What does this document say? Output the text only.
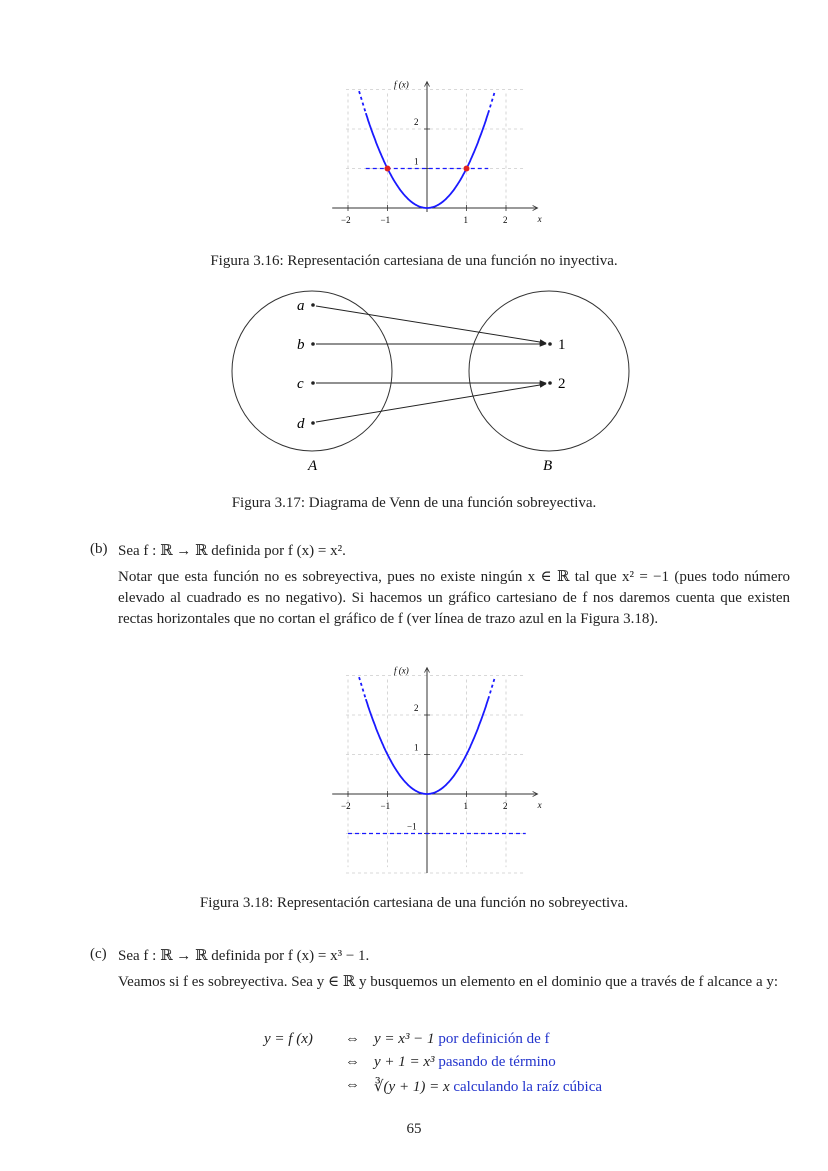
x
f (x)
−2	−1	1	2
1
2
Figura 3.16: Representación cartesiana de una función no inyectiva.
a
b
c
d
1
2
A	B
Figura 3.17: Diagrama de Venn de una función sobreyectiva.
(b) Sea f : ℝ → ℝ definida por f (x) = x².
Notar que esta función no es sobreyectiva, pues no existe ningún x ∈ ℝ tal que x² = −1 (pues todo número elevado al cuadrado es no negativo). Si hacemos un gráfico cartesiano de f nos daremos cuenta que existen rectas horizontales que no cortan el gráfico de f (ver línea de trazo azul en la Figura 3.18).
x
f (x)
−2	−1	1	2
1
2
−1
Figura 3.18: Representación cartesiana de una función no sobreyectiva.
(c) Sea f : ℝ → ℝ definida por f (x) = x³ − 1.
Veamos si f es sobreyectiva. Sea y ∈ ℝ y busquemos un elemento en el dominio que a través de f alcance a y:
y = f (x) ⇔ y = x³ − 1 por definición de f
⇔ y + 1 = x³ pasando de término
⇔ ∛(y + 1) = x calculando la raíz cúbica
65
